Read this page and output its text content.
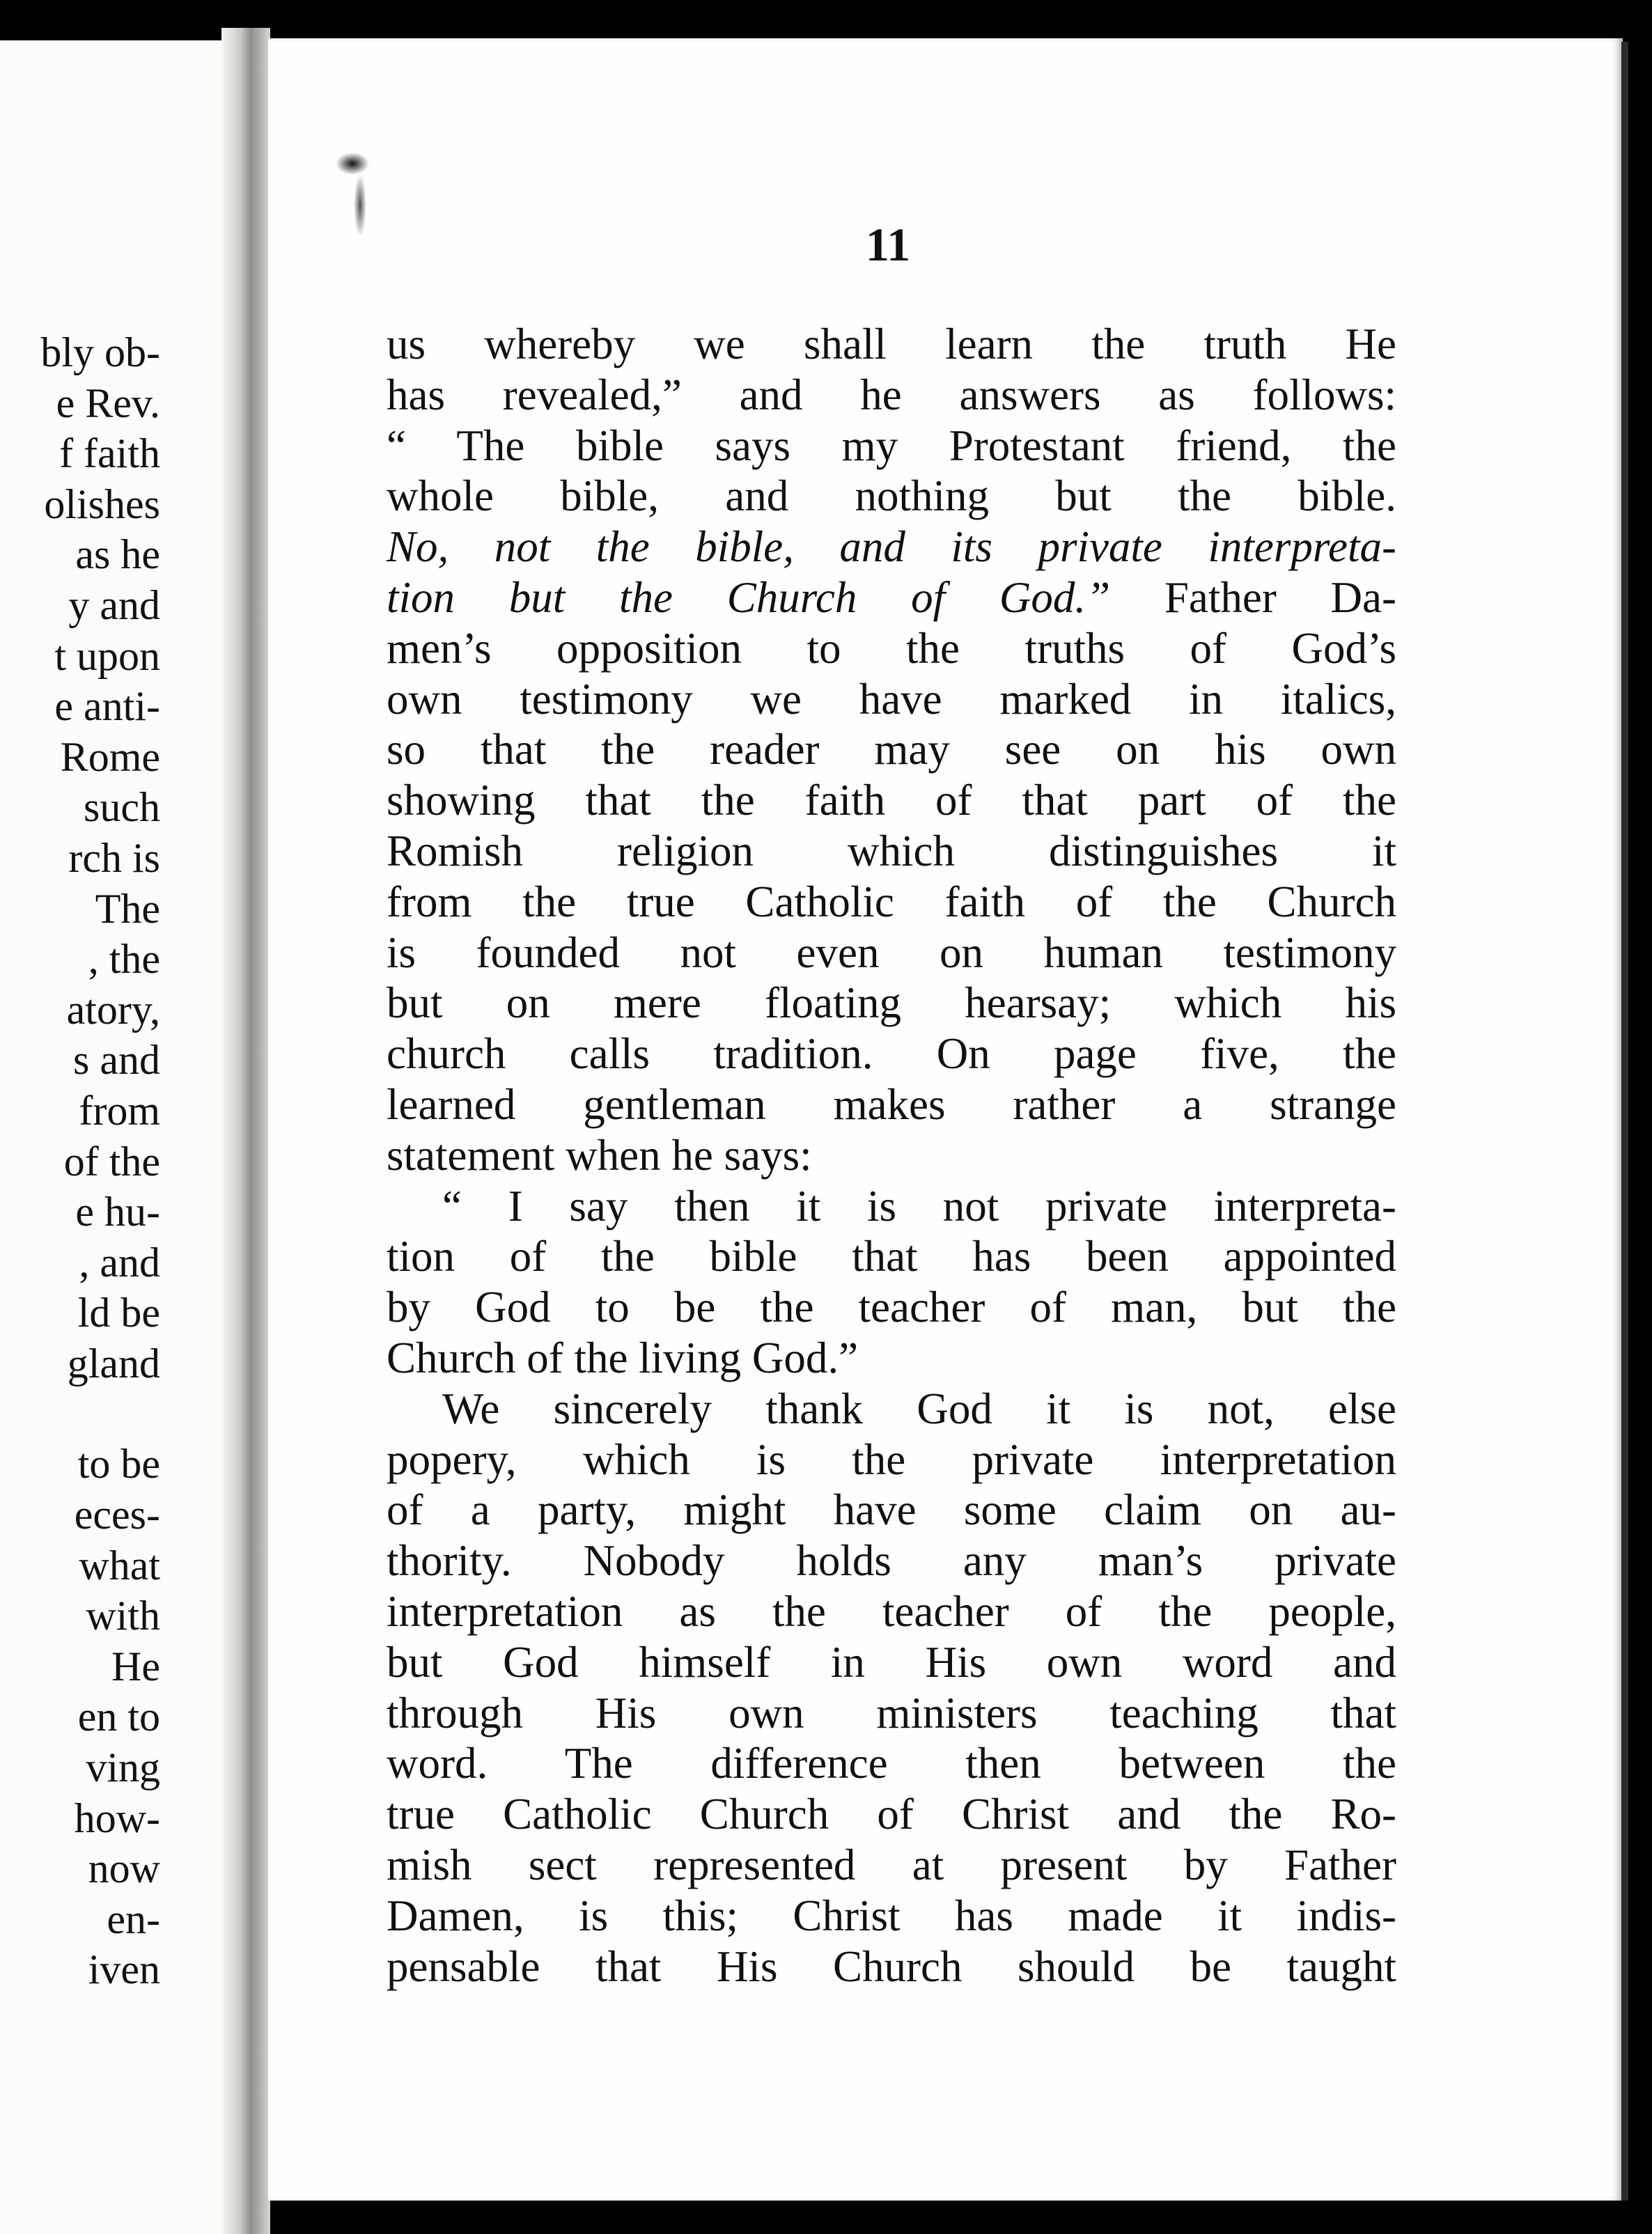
bly ob-
e Rev.
f faith
olishes
as he
y and
t upon
e anti-
Rome
such
rch is
The
, the
atory,
s and
from
of the
e hu-
, and
ld be
gland
to be
eces-
what
with
He
en to
ving
how-
now
en-
iven
11
us whereby we shall learn the truth He
has revealed,” and he answers as follows:
“ The bible says my Protestant friend, the
whole bible, and nothing but the bible.
No, not the bible, and its private interpreta-
tion but the Church of God.” Father Da-
men’s opposition to the truths of God’s
own testimony we have marked in italics,
so that the reader may see on his own
showing that the faith of that part of the
Romish religion which distinguishes it
from the true Catholic faith of the Church
is founded not even on human testimony
but on mere floating hearsay; which his
church calls tradition. On page five, the
learned gentleman makes rather a strange
statement when he says:
“ I say then it is not private interpreta-
tion of the bible that has been appointed
by God to be the teacher of man, but the
Church of the living God.”
We sincerely thank God it is not, else
popery, which is the private interpretation
of a party, might have some claim on au-
thority. Nobody holds any man’s private
interpretation as the teacher of the people,
but God himself in His own word and
through His own ministers teaching that
word. The difference then between the
true Catholic Church of Christ and the Ro-
mish sect represented at present by Father
Damen, is this; Christ has made it indis-
pensable that His Church should be taught
